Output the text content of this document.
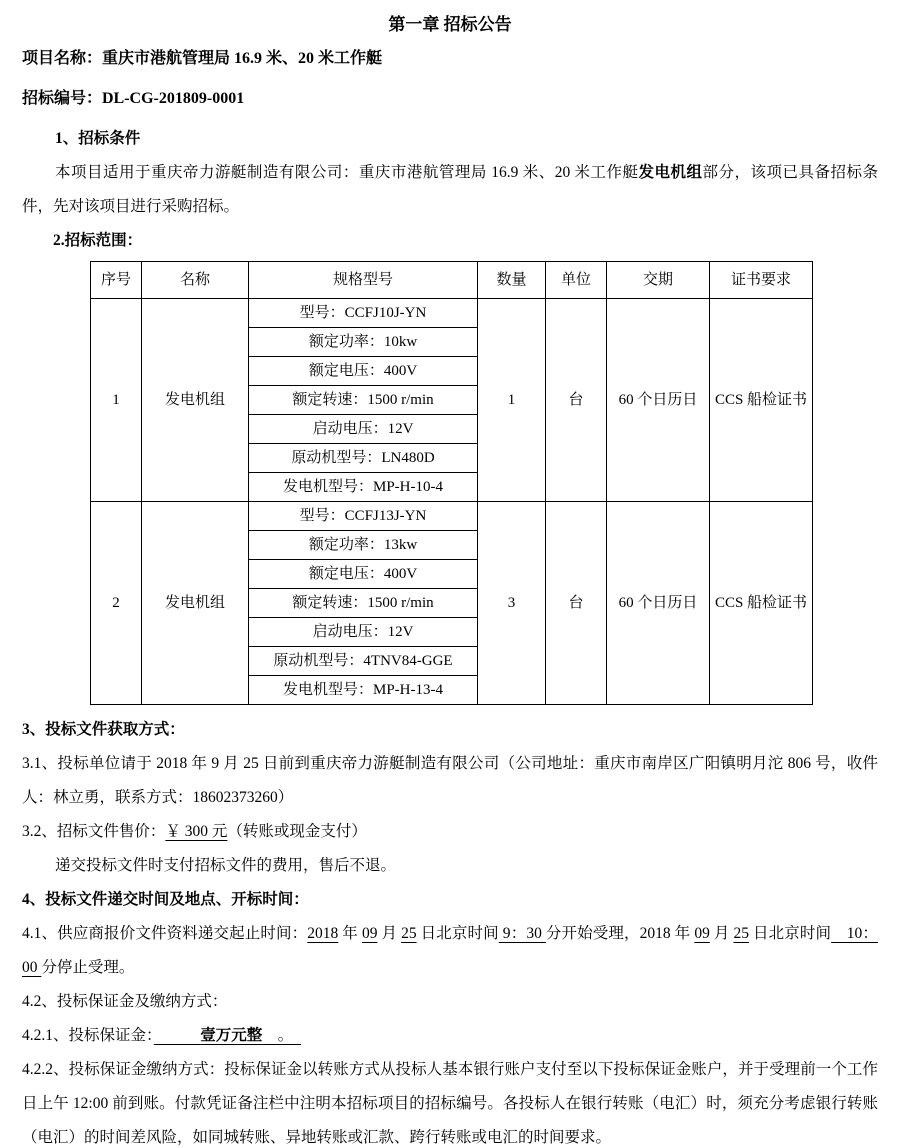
第一章 招标公告

项目名称：重庆市港航管理局 16.9 米、20 米工作艇

招标编号：DL-CG-201809-0001

1、招标条件

本项目适用于重庆帝力游艇制造有限公司：重庆市港航管理局 16.9 米、20 米工作艇发电机组部分，该项已具备招标条件，先对该项目进行采购招标。

2.招标范围：

序号	名称	规格型号	数量	单位	交期	证书要求
1	发电机组	型号：CCFJ10J-YN	1	台	60 个日历日	CCS 船检证书
		额定功率：10kw				
		额定电压：400V				
		额定转速：1500 r/min				
		启动电压：12V				
		原动机型号：LN480D				
		发电机型号：MP-H-10-4				
2	发电机组	型号：CCFJ13J-YN	3	台	60 个日历日	CCS 船检证书
		额定功率：13kw				
		额定电压：400V				
		额定转速：1500 r/min				
		启动电压：12V				
		原动机型号：4TNV84-GGE				
		发电机型号：MP-H-13-4				

3、投标文件获取方式：

3.1、投标单位请于 2018 年 9 月 25 日前到重庆帝力游艇制造有限公司（公司地址：重庆市南岸区广阳镇明月沱 806 号，收件人：林立勇，联系方式：18602373260）

3.2、招标文件售价：￥ 300 元（转账或现金支付）

递交投标文件时支付招标文件的费用，售后不退。

4、投标文件递交时间及地点、开标时间：

4.1、供应商报价文件资料递交起止时间：2018 年 09 月 25 日北京时间 9：30 分开始受理，2018 年 09 月 25 日北京时间　10：00 分停止受理。

4.2、投标保证金及缴纳方式：

4.2.1、投标保证金：　　　	壹万元整　。　

4.2.2、投标保证金缴纳方式：投标保证金以转账方式从投标人基本银行账户支付至以下投标保证金账户，并于受理前一个工作日上午 12:00 前到账。付款凭证备注栏中注明本招标项目的招标编号。各投标人在银行转账（电汇）时，须充分考虑银行转账（电汇）的时间差风险，如同城转账、异地转账或汇款、跨行转账或电汇的时间要求。
